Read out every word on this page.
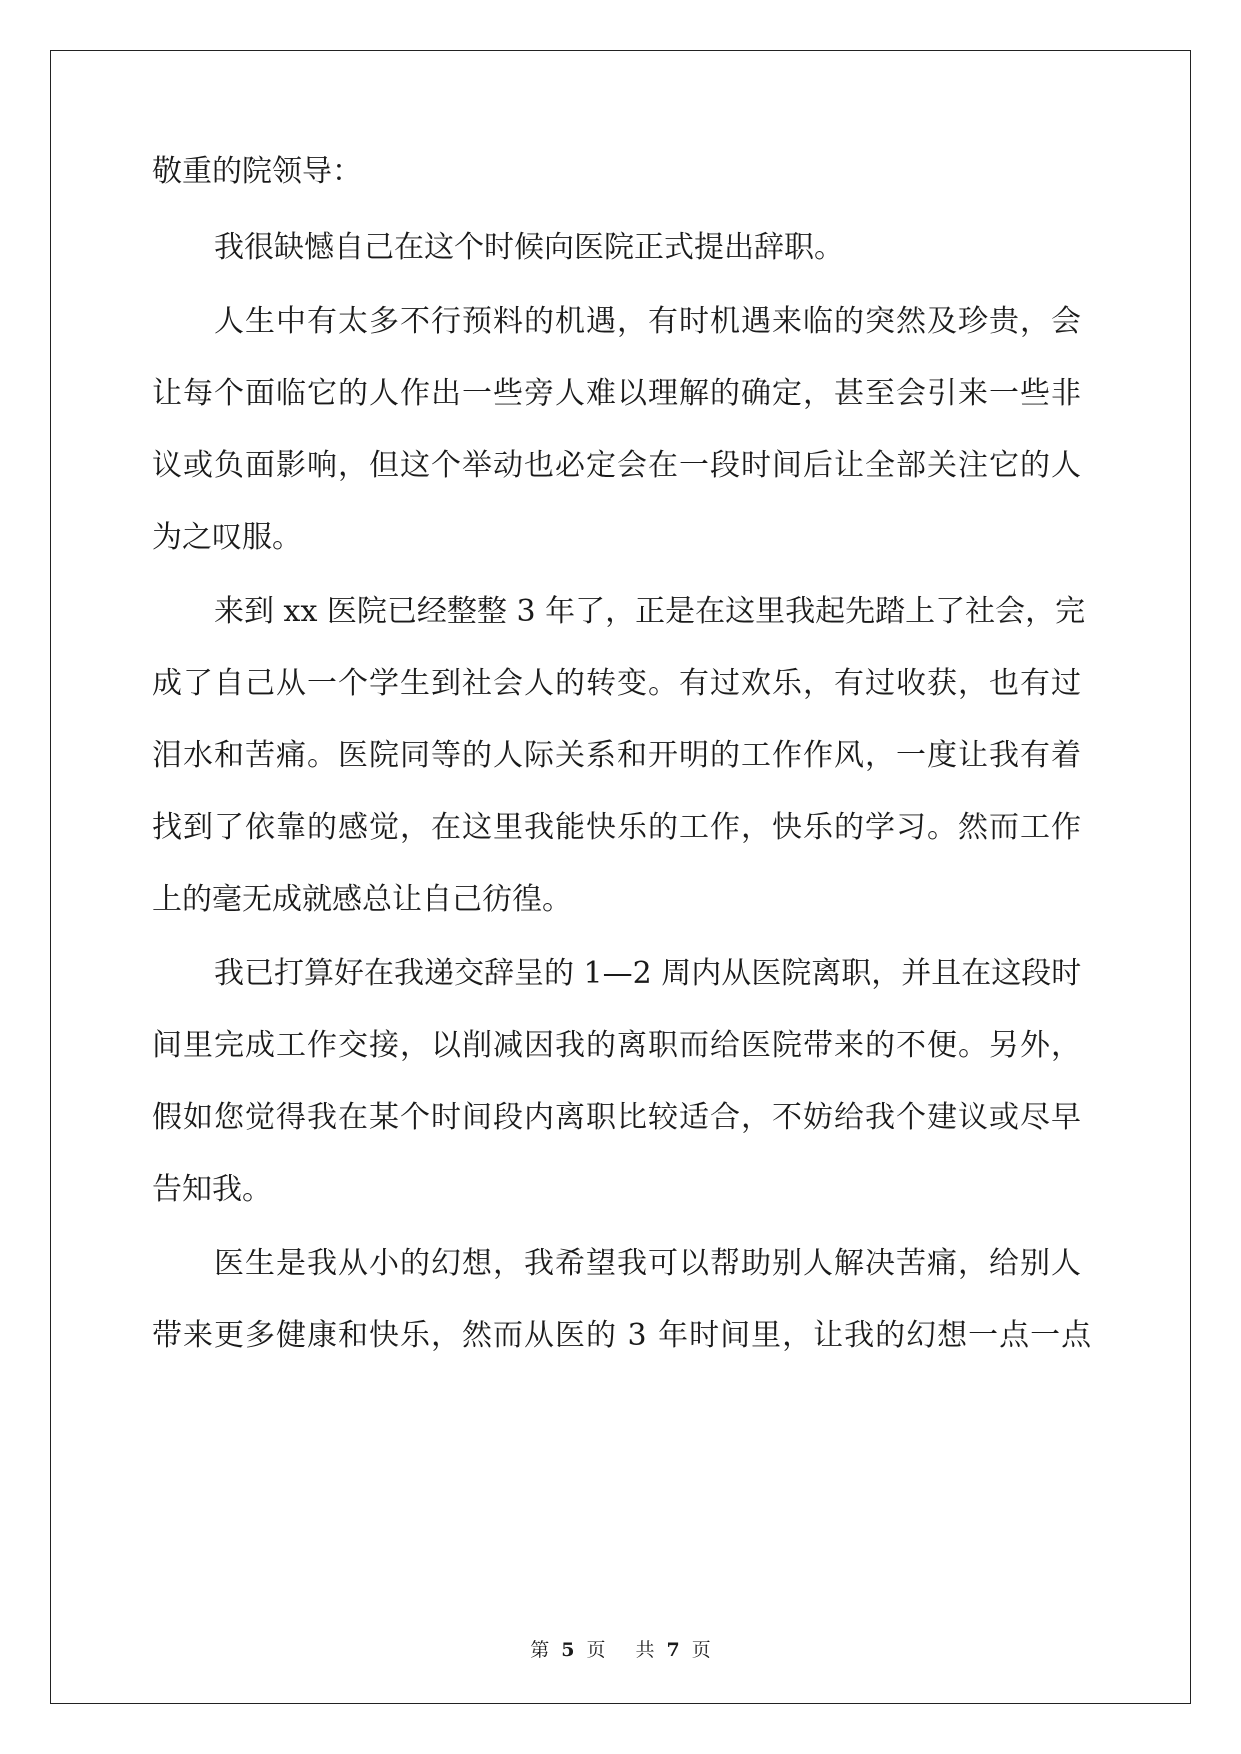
敬重的院领导：
我很缺憾自己在这个时候向医院正式提出辞职。
人生中有太多不行预料的机遇，有时机遇来临的突然及珍贵，会
让每个面临它的人作出一些旁人难以理解的确定，甚至会引来一些非
议或负面影响，但这个举动也必定会在一段时间后让全部关注它的人
为之叹服。
来到 xx 医院已经整整 3 年了，正是在这里我起先踏上了社会，完
成了自己从一个学生到社会人的转变。有过欢乐，有过收获，也有过
泪水和苦痛。医院同等的人际关系和开明的工作作风，一度让我有着
找到了依靠的感觉，在这里我能快乐的工作，快乐的学习。然而工作
上的毫无成就感总让自己彷徨。
我已打算好在我递交辞呈的 1—2 周内从医院离职，并且在这段时
间里完成工作交接，以削减因我的离职而给医院带来的不便。另外，
假如您觉得我在某个时间段内离职比较适合，不妨给我个建议或尽早
告知我。
医生是我从小的幻想，我希望我可以帮助别人解决苦痛，给别人
带来更多健康和快乐，然而从医的 3 年时间里，让我的幻想一点一点
第 5 页 共 7 页
